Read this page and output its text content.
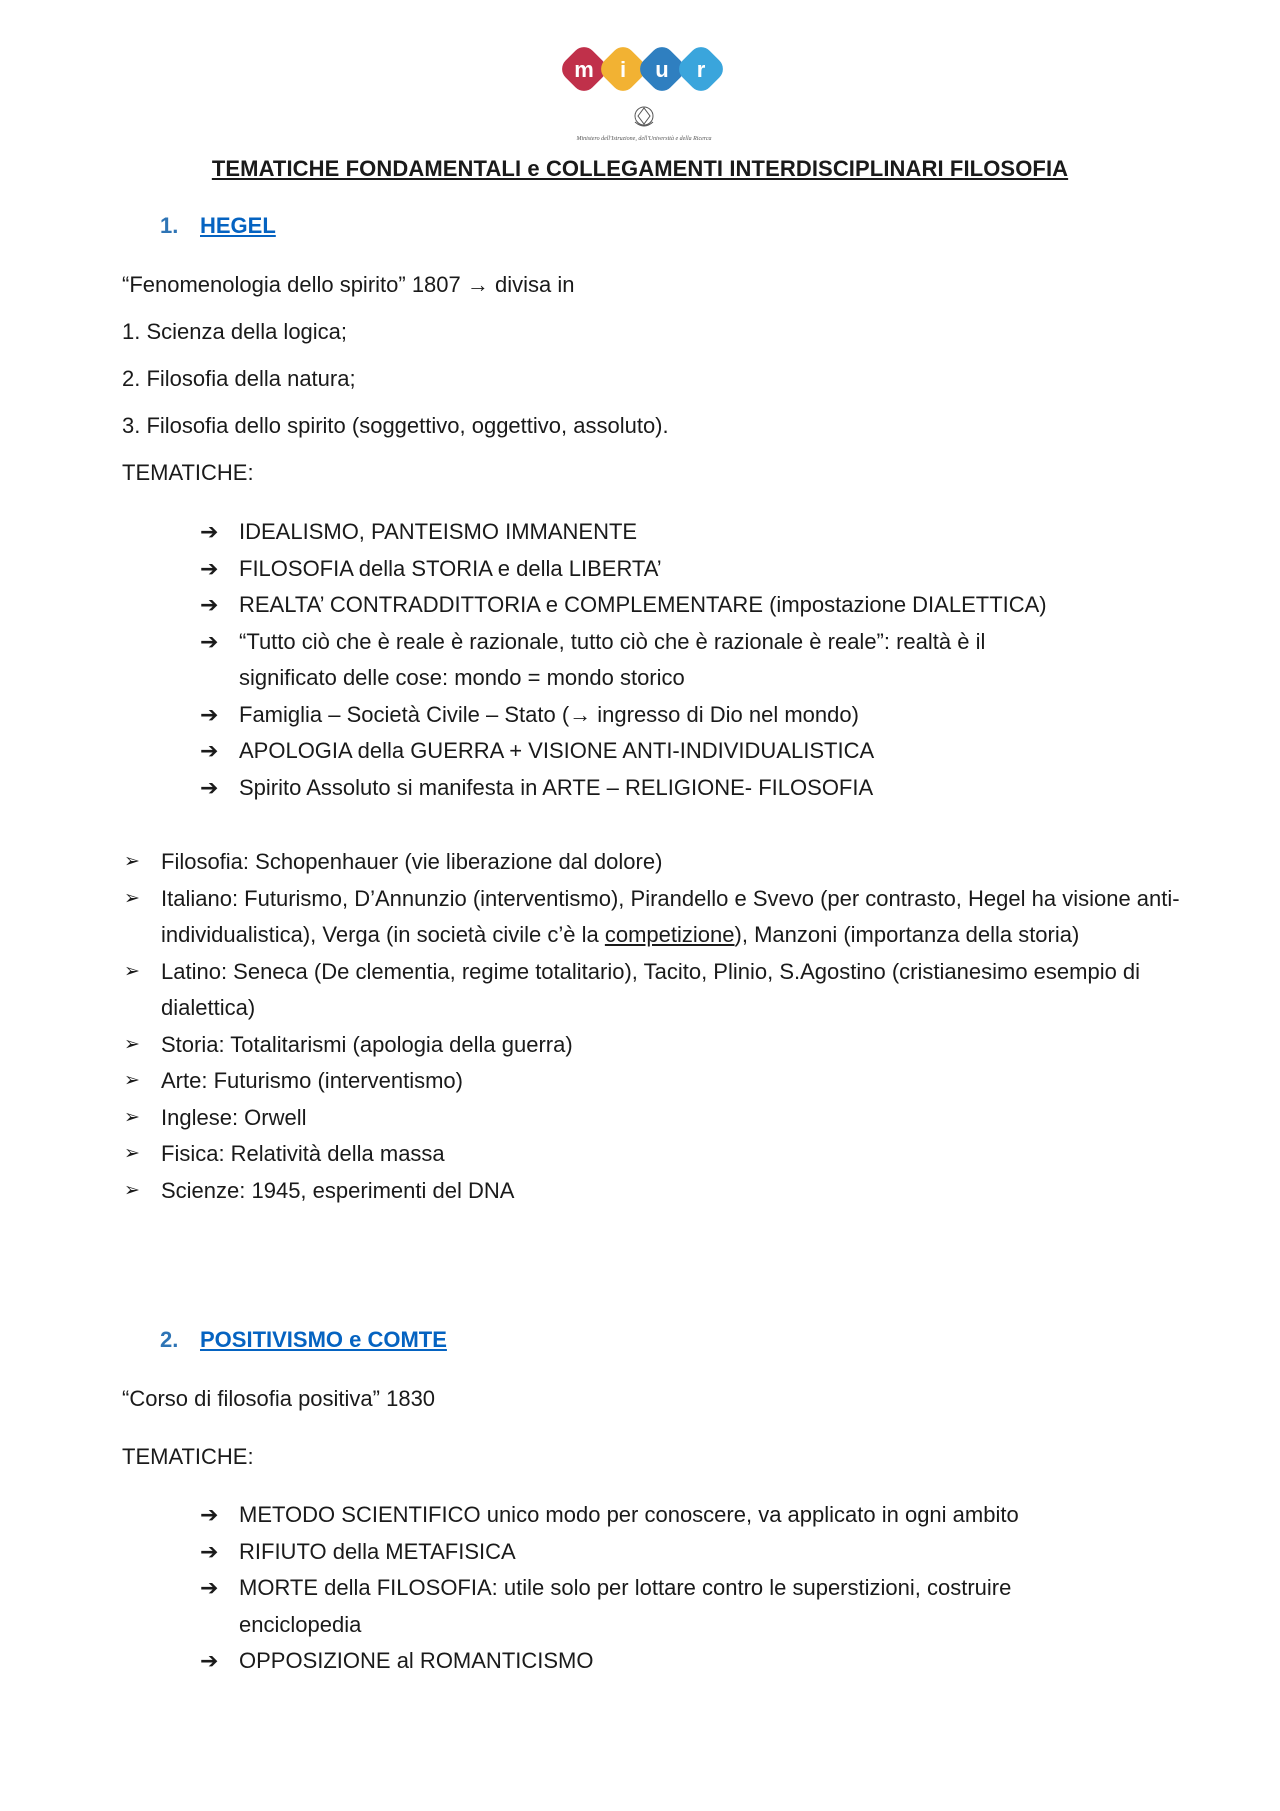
m i u r
Ministero dell'Istruzione, dell'Università e della Ricerca
TEMATICHE FONDAMENTALI e COLLEGAMENTI INTERDISCIPLINARI FILOSOFIA
1. HEGEL
“Fenomenologia dello spirito” 1807 → divisa in
1. Scienza della logica;
2. Filosofia della natura;
3. Filosofia dello spirito (soggettivo, oggettivo, assoluto).
TEMATICHE:
➔ IDEALISMO, PANTEISMO IMMANENTE
➔ FILOSOFIA della STORIA e della LIBERTA’
➔ REALTA’ CONTRADDITTORIA e COMPLEMENTARE (impostazione DIALETTICA)
➔ “Tutto ciò che è reale è razionale, tutto ciò che è razionale è reale”: realtà è il significato delle cose: mondo = mondo storico
➔ Famiglia – Società Civile – Stato (→ ingresso di Dio nel mondo)
➔ APOLOGIA della GUERRA + VISIONE ANTI-INDIVIDUALISTICA
➔ Spirito Assoluto si manifesta in ARTE – RELIGIONE- FILOSOFIA
➢ Filosofia: Schopenhauer (vie liberazione dal dolore)
➢ Italiano: Futurismo, D’Annunzio (interventismo), Pirandello e Svevo (per contrasto, Hegel ha visione anti-individualistica), Verga (in società civile c’è la competizione), Manzoni (importanza della storia)
➢ Latino: Seneca (De clementia, regime totalitario), Tacito, Plinio, S.Agostino (cristianesimo esempio di dialettica)
➢ Storia: Totalitarismi (apologia della guerra)
➢ Arte: Futurismo (interventismo)
➢ Inglese: Orwell
➢ Fisica: Relatività della massa
➢ Scienze: 1945, esperimenti del DNA
2. POSITIVISMO e COMTE
“Corso di filosofia positiva” 1830
TEMATICHE:
➔ METODO SCIENTIFICO unico modo per conoscere, va applicato in ogni ambito
➔ RIFIUTO della METAFISICA
➔ MORTE della FILOSOFIA: utile solo per lottare contro le superstizioni, costruire enciclopedia
➔ OPPOSIZIONE al ROMANTICISMO
